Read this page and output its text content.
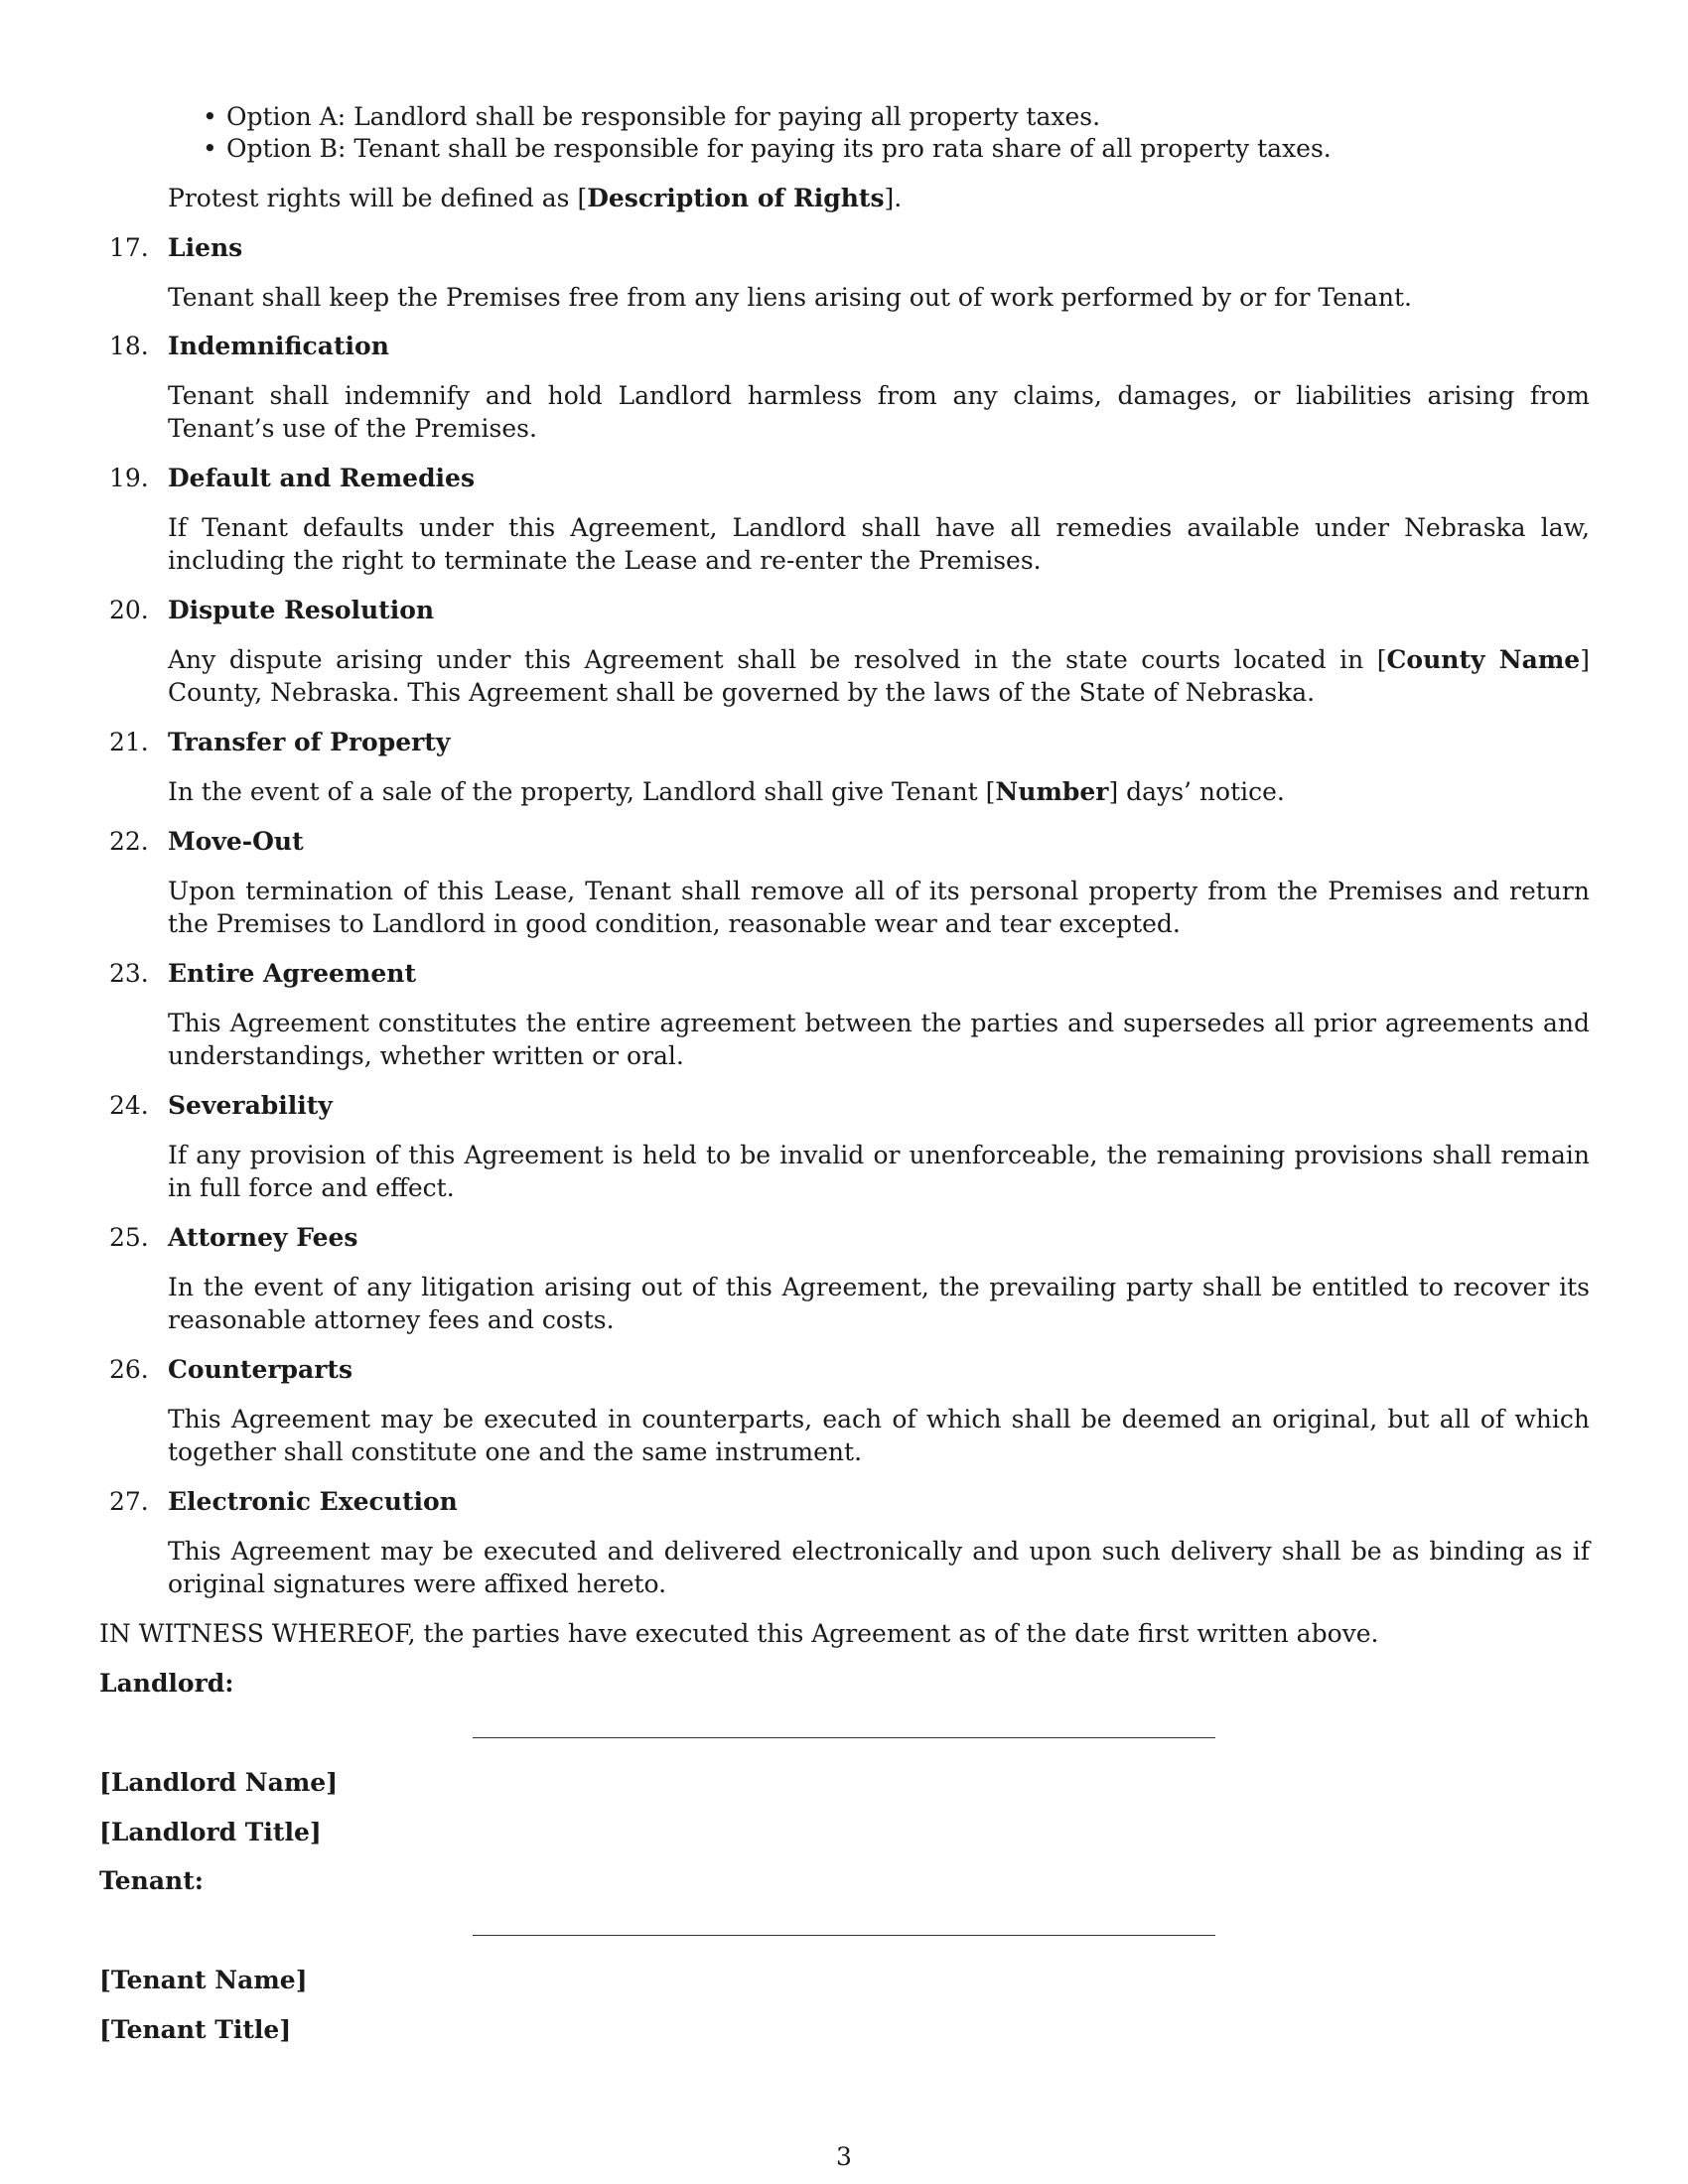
• Option A: Landlord shall be responsible for paying all property taxes.
• Option B: Tenant shall be responsible for paying its pro rata share of all property taxes.

Protest rights will be defined as [Description of Rights].

17. Liens

Tenant shall keep the Premises free from any liens arising out of work performed by or for Tenant.

18. Indemnification

Tenant shall indemnify and hold Landlord harmless from any claims, damages, or liabilities arising from Tenant’s use of the Premises.

19. Default and Remedies

If Tenant defaults under this Agreement, Landlord shall have all remedies available under Nebraska law, including the right to terminate the Lease and re-enter the Premises.

20. Dispute Resolution

Any dispute arising under this Agreement shall be resolved in the state courts located in [County Name] County, Nebraska. This Agreement shall be governed by the laws of the State of Nebraska.

21. Transfer of Property

In the event of a sale of the property, Landlord shall give Tenant [Number] days’ notice.

22. Move-Out

Upon termination of this Lease, Tenant shall remove all of its personal property from the Premises and return the Premises to Landlord in good condition, reasonable wear and tear excepted.

23. Entire Agreement

This Agreement constitutes the entire agreement between the parties and supersedes all prior agreements and understandings, whether written or oral.

24. Severability

If any provision of this Agreement is held to be invalid or unenforceable, the remaining provisions shall remain in full force and effect.

25. Attorney Fees

In the event of any litigation arising out of this Agreement, the prevailing party shall be entitled to recover its reasonable attorney fees and costs.

26. Counterparts

This Agreement may be executed in counterparts, each of which shall be deemed an original, but all of which together shall constitute one and the same instrument.

27. Electronic Execution

This Agreement may be executed and delivered electronically and upon such delivery shall be as binding as if original signatures were affixed hereto.

IN WITNESS WHEREOF, the parties have executed this Agreement as of the date first written above.

Landlord:

[Landlord Name]

[Landlord Title]

Tenant:

[Tenant Name]

[Tenant Title]

3
